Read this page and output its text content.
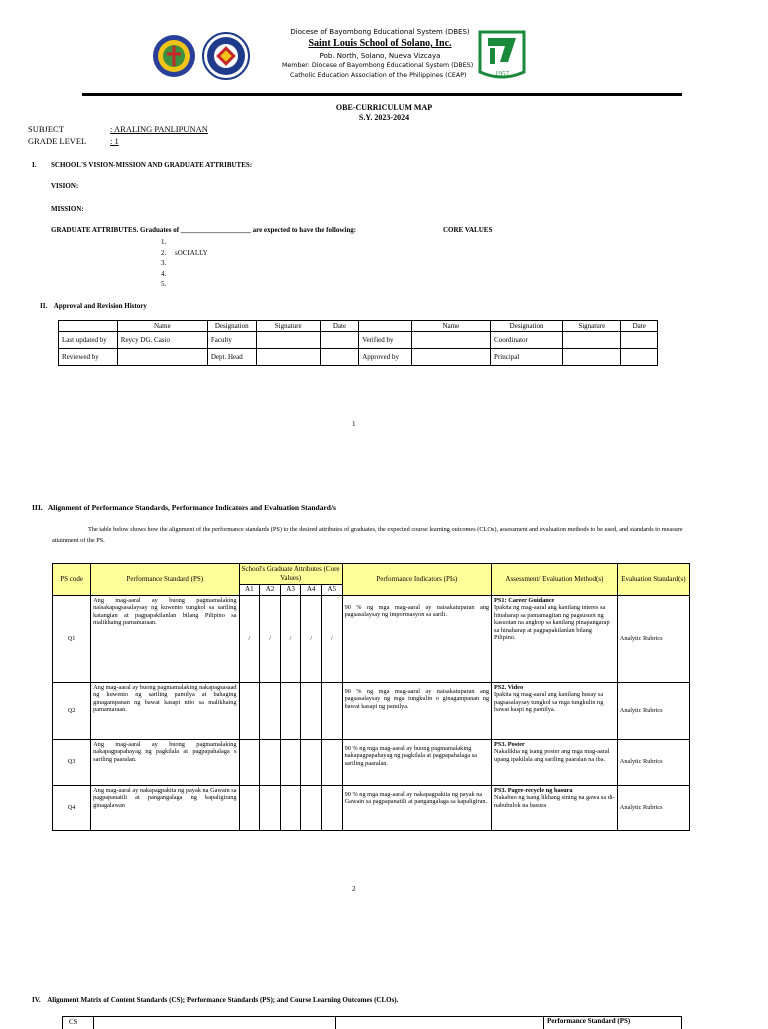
Diocese of Bayombong Educational System (DBES)
Saint Louis School of Solano, Inc.
Pob. North, Solano, Nueva Vizcaya
Member: Diocese of Bayombong Educational System (DBES)
Catholic Education Association of the Philippines (CEAP)	1957
OBE-CURRICULUM MAP
S.Y. 2023-2024
SUBJECT	: ARALING PANLIPUNAN
GRADE LEVEL	: 1
I. SCHOOL'S VISION-MISSION AND GRADUATE ATTRIBUTES:
VISION:
MISSION:
GRADUATE ATTRIBUTES. Graduates of ____________________ are expected to have the following:	CORE VALUES
1.
2.     sOCIALLY
3.
4.
5.
II.    Approval and Revision History
	Name	Designation	Signature	Date		Name	Designation	Signature	Date
Last updated by	Reycy DG. Casio	Faculty			Verified by		Coordinator		
Reviewed by		Dept. Head			Approved by		Principal		
1
III.   Alignment of Performance Standards, Performance Indicators and Evaluation Standard/s
The table below shows how the alignment of the performance standards (PS) to the desired attributes of graduates, the expected course learning outcomes (CLOs), assessment and evaluation methods to be used, and standards to measure attainment of the PS.
PS code	Performance Standard (PS)	School's Graduate Attributes (Core Values)					Performance Indicators (PIs)	Assessment/ Evaluation Method(s)	Evaluation Standard(s)
		A1	A2	A3	A4	A5			
Q1	Ang mag-aaral ay buong pagmamalaking naisakapagsasalaysay ng kuwento tungkol sa sariling katangian at pagpapakilanlan bilang Pilipino sa malikhaing pamamaraan.	/	/	/	/	/	90 % ng mga mag-aaral ay naisakatuparan ang pagsasalaysay ng impormasyon sa sarili.	PS1: Career Guidance
Ipakita ng mag-aaral ang kanilang interes sa hinaharap sa pamamagitan ng pagsusuot ng kasuotan na angkop sa kanilang pinapangarap sa hinaharap at pagpapakilanlan bilang Pilipino.	Analytic Rubrics
Q2	Ang mag-aaral ay buong pagmamalaking nakapagsasaad ng kuwento ng sariling pamilya at bahaging ginagampanan ng bawat kasapi nito sa malikhaing pamamaraan.						90 % ng mga mag-aaral ay naisakatuparan ang pagsasalaysay ng mga tungkulin o ginagampanan ng bawat kasapi ng pamilya.	PS2. Video
Ipakita ng mag-aaral ang kanilang husay sa pagsasalaysay tungkol sa mga tungkulin ng bawat kaspi ng pamilya.	Analytic Rubrics
Q3	Ang mag-aaral ay buong pagmamalaking nakapagpapahayag ng pagkilala at pagpapahalaga s sariling paaralan.						90 % ng mga mag-aaral ay buong pagmamalaking nakapagpapahayag ng pagkilala at pagpapahalaga sa sariling paaralan.	PS3. Poster
Nakalikha ng isang poster ang mga mag-aaral upang ipakilala ang sariling paaralan na iba.	Analytic Rubrics
Q4	Ang mag-aaral ay nakapagpakita ng payak na Gawain sa pagpapanatili at pangangalaga ng kapaligirang ginagalawan						90 % ng mga mag-aaral ay nakapagpakita ng payak na Gawain sa pagpapanatili at pangangalaga sa kapaligiran.	PS3. Pagre-recycle ng basura
Nakabuo ng isang likhang sining na gawa sa di-nabubulok na basura	Analytic Rubrics
2
IV.    Alignment Matrix of Content Standards (CS); Performance Standards (PS); and Course Learning Outcomes (CLOs).
CS	Performance Standard (PS)
